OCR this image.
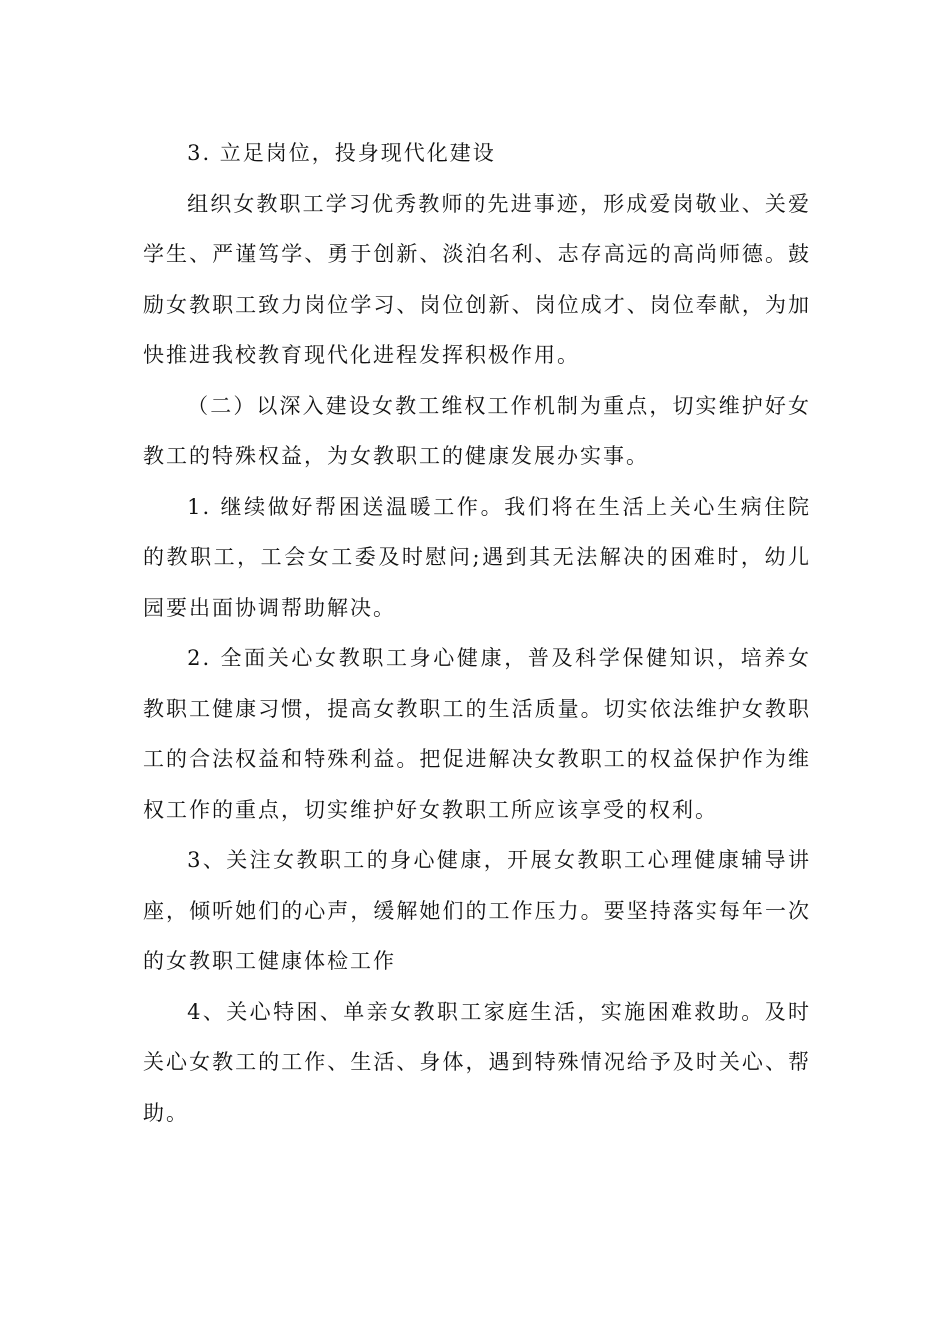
3. 立足岗位，投身现代化建设

组织女教职工学习优秀教师的先进事迹，形成爱岗敬业、关爱学生、严谨笃学、勇于创新、淡泊名利、志存高远的高尚师德。鼓励女教职工致力岗位学习、岗位创新、岗位成才、岗位奉献，为加快推进我校教育现代化进程发挥积极作用。

（二）以深入建设女教工维权工作机制为重点，切实维护好女教工的特殊权益，为女教职工的健康发展办实事。

1. 继续做好帮困送温暖工作。我们将在生活上关心生病住院的教职工，工会女工委及时慰问;遇到其无法解决的困难时，幼儿园要出面协调帮助解决。

2. 全面关心女教职工身心健康，普及科学保健知识，培养女教职工健康习惯，提高女教职工的生活质量。切实依法维护女教职工的合法权益和特殊利益。把促进解决女教职工的权益保护作为维权工作的重点，切实维护好女教职工所应该享受的权利。

3、关注女教职工的身心健康，开展女教职工心理健康辅导讲座，倾听她们的心声，缓解她们的工作压力。要坚持落实每年一次的女教职工健康体检工作

4、关心特困、单亲女教职工家庭生活，实施困难救助。及时关心女教工的工作、生活、身体，遇到特殊情况给予及时关心、帮助。
